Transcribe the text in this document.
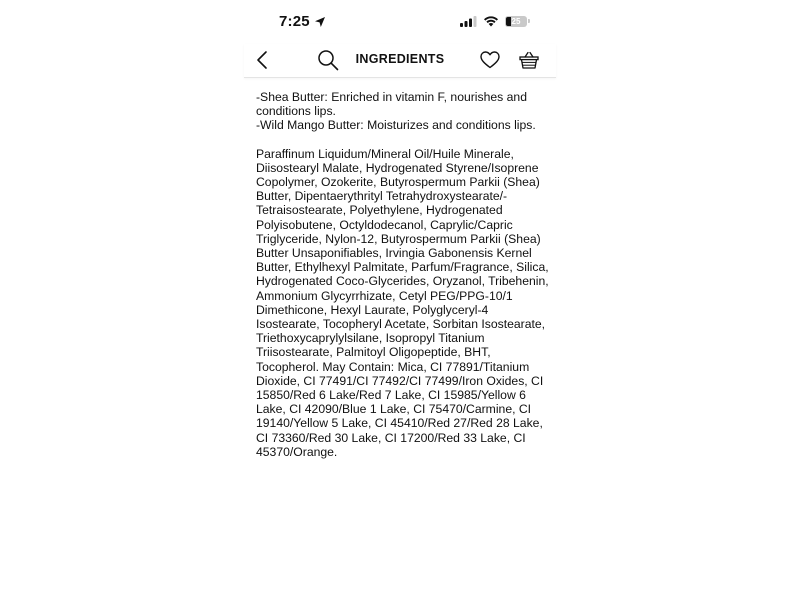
7:25	25
INGREDIENTS

-Shea Butter: Enriched in vitamin F, nourishes and conditions lips.

-Wild Mango Butter: Moisturizes and conditions lips.

Paraffinum Liquidum/Mineral Oil/Huile Minerale, Diisostearyl Malate, Hydrogenated Styrene/Isoprene Copolymer, Ozokerite, Butyrospermum Parkii (Shea) Butter, Dipentaerythrityl Tetrahydroxystearate/-Tetraisostearate, Polyethylene, Hydrogenated Polyisobutene, Octyldodecanol, Caprylic/Capric Triglyceride, Nylon-12, Butyrospermum Parkii (Shea) Butter Unsaponifiables, Irvingia Gabonensis Kernel Butter, Ethylhexyl Palmitate, Parfum/Fragrance, Silica, Hydrogenated Coco-Glycerides, Oryzanol, Tribehenin, Ammonium Glycyrrhizate, Cetyl PEG/PPG-10/1 Dimethicone, Hexyl Laurate, Polyglyceryl-4 Isostearate, Tocopheryl Acetate, Sorbitan Isostearate, Triethoxycaprylylsilane, Isopropyl Titanium Triisostearate, Palmitoyl Oligopeptide, BHT, Tocopherol. May Contain: Mica, CI 77891/Titanium Dioxide, CI 77491/CI 77492/CI 77499/Iron Oxides, CI 15850/Red 6 Lake/Red 7 Lake, CI 15985/Yellow 6 Lake, CI 42090/Blue 1 Lake, CI 75470/Carmine, CI 19140/Yellow 5 Lake, CI 45410/Red 27/Red 28 Lake, CI 73360/Red 30 Lake, CI 17200/Red 33 Lake, CI 45370/Orange.
